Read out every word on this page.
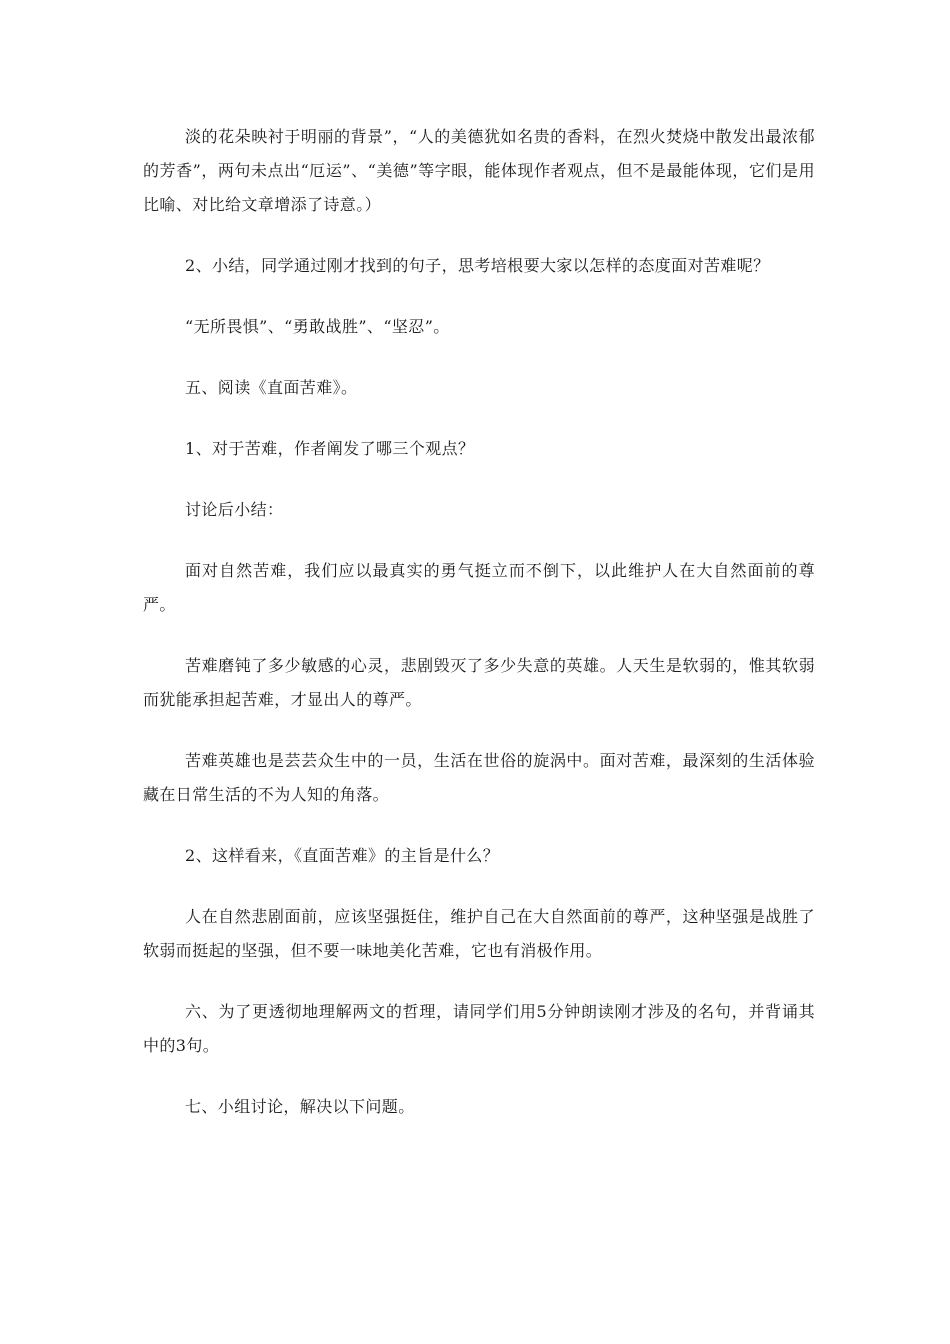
淡的花朵映衬于明丽的背景”，“人的美德犹如名贵的香料，在烈火焚烧中散发出最浓郁的芳香”，两句未点出“厄运”、“美德”等字眼，能体现作者观点，但不是最能体现，它们是用比喻、对比给文章增添了诗意。）

2、小结，同学通过刚才找到的句子，思考培根要大家以怎样的态度面对苦难呢？

“无所畏惧”、“勇敢战胜”、“坚忍”。

五、阅读《直面苦难》。

1、对于苦难，作者阐发了哪三个观点？

讨论后小结：

面对自然苦难，我们应以最真实的勇气挺立而不倒下，以此维护人在大自然面前的尊严。

苦难磨钝了多少敏感的心灵，悲剧毁灭了多少失意的英雄。人天生是软弱的，惟其软弱而犹能承担起苦难，才显出人的尊严。

苦难英雄也是芸芸众生中的一员，生活在世俗的旋涡中。面对苦难，最深刻的生活体验藏在日常生活的不为人知的角落。

2、这样看来，《直面苦难》的主旨是什么？

人在自然悲剧面前，应该坚强挺住，维护自己在大自然面前的尊严，这种坚强是战胜了软弱而挺起的坚强，但不要一味地美化苦难，它也有消极作用。

六、为了更透彻地理解两文的哲理，请同学们用5分钟朗读刚才涉及的名句，并背诵其中的3句。

七、小组讨论，解决以下问题。
